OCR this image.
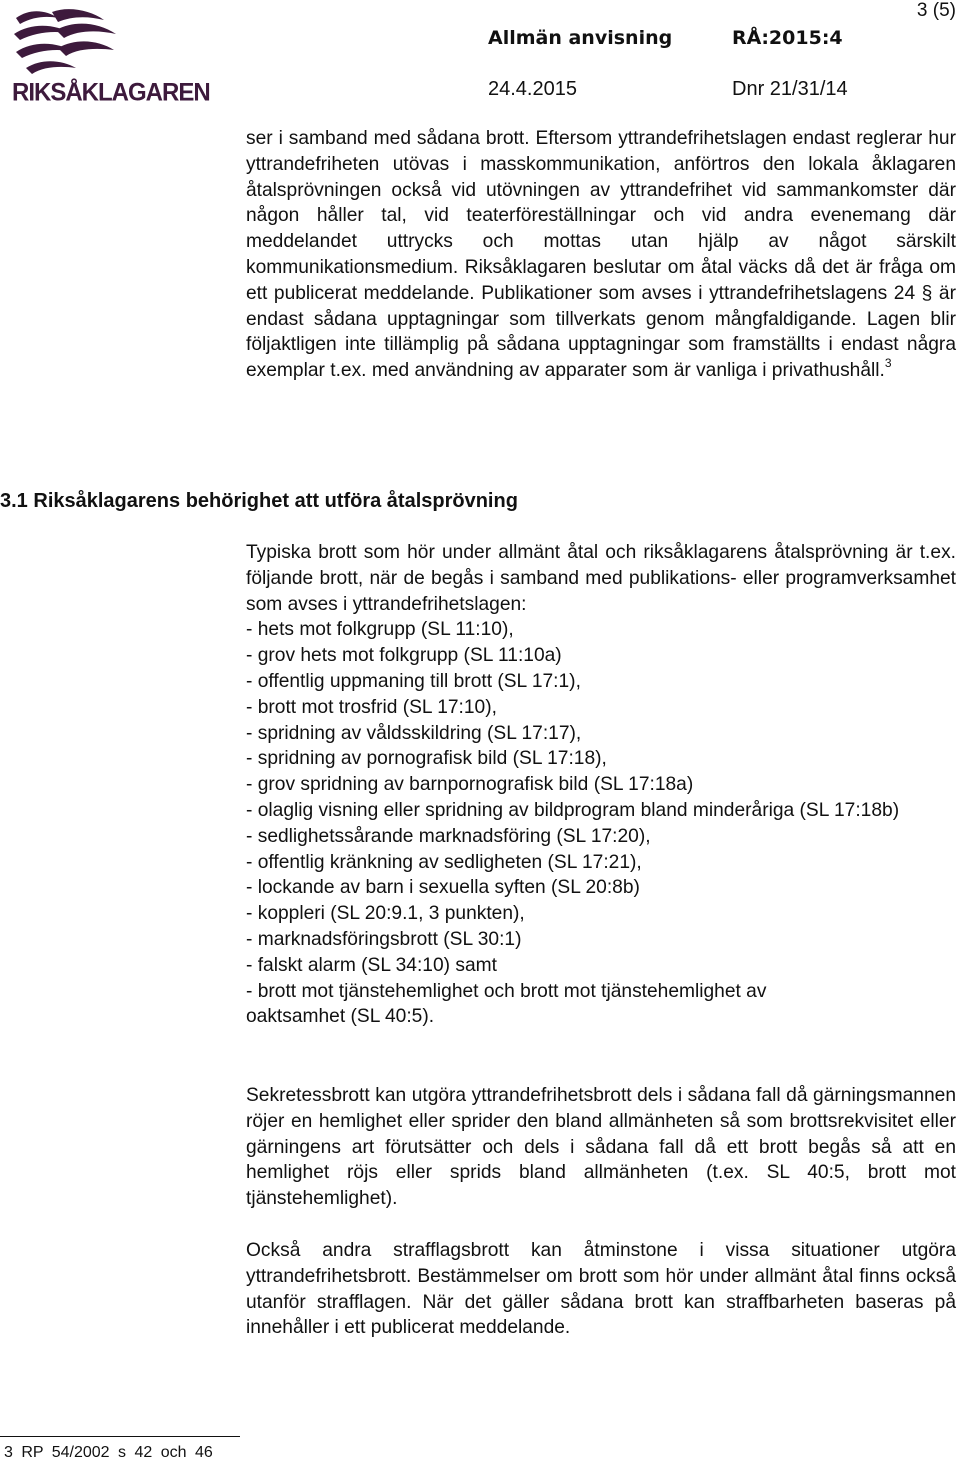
RIKSÅKLAGAREN
Allmän anvisning	RÅ:2015:4
24.4.2015	Dnr 21/31/14
3 (5)

ser i samband med sådana brott. Eftersom yttrandefrihetslagen endast reglerar hur yttrandefriheten utövas i masskommunikation, anförtros den lokala åklagaren åtalsprövningen också vid utövningen av yttrandefrihet vid sammankomster där någon håller tal, vid teaterföreställningar och vid andra evenemang där meddelandet uttrycks och mottas utan hjälp av något särskilt kommunikationsmedium. Riksåklagaren beslutar om åtal väcks då det är fråga om ett publicerat meddelande. Publikationer som avses i yttrandefrihetslagens 24 § är endast sådana upptagningar som tillverkats genom mångfaldigande. Lagen blir följaktligen inte tillämplig på sådana upptagningar som framställts i endast några exemplar t.ex. med användning av apparater som är vanliga i privathushåll.$^3$

3.1 Riksåklagarens behörighet att utföra åtalsprövning

Typiska brott som hör under allmänt åtal och riksåklagarens åtalsprövning är t.ex. följande brott, när de begås i samband med publikations- eller programverksamhet som avses i yttrandefrihetslagen:

- hets mot folkgrupp (SL 11:10),
- grov hets mot folkgrupp (SL 11:10a)
- offentlig uppmaning till brott (SL 17:1),
- brott mot trosfrid (SL 17:10),
- spridning av våldsskildring (SL 17:17),
- spridning av pornografisk bild (SL 17:18),
- grov spridning av barnpornografisk bild (SL 17:18a)
- olaglig visning eller spridning av bildprogram bland minderåriga (SL 17:18b)
- sedlighetssårande marknadsföring (SL 17:20),
- offentlig kränkning av sedligheten (SL 17:21),
- lockande av barn i sexuella syften (SL 20:8b)
- koppleri (SL 20:9.1, 3 punkten),
- marknadsföringsbrott (SL 30:1)
- falskt alarm (SL 34:10) samt
- brott mot tjänstehemlighet och brott mot tjänstehemlighet av oaktsamhet (SL 40:5).

Sekretessbrott kan utgöra yttrandefrihetsbrott dels i sådana fall då gärningsmannen röjer en hemlighet eller sprider den bland allmänheten så som brottsrekvisitet eller gärningens art förutsätter och dels i sådana fall då ett brott begås så att en hemlighet röjs eller sprids bland allmänheten (t.ex. SL 40:5, brott mot tjänstehemlighet).

Också andra strafflagsbrott kan åtminstone i vissa situationer utgöra yttrandefrihetsbrott. Bestämmelser om brott som hör under allmänt åtal finns också utanför strafflagen. När det gäller sådana brott kan straffbarheten baseras på innehåller i ett publicerat meddelande.

3 RP 54/2002 s 42 och 46
